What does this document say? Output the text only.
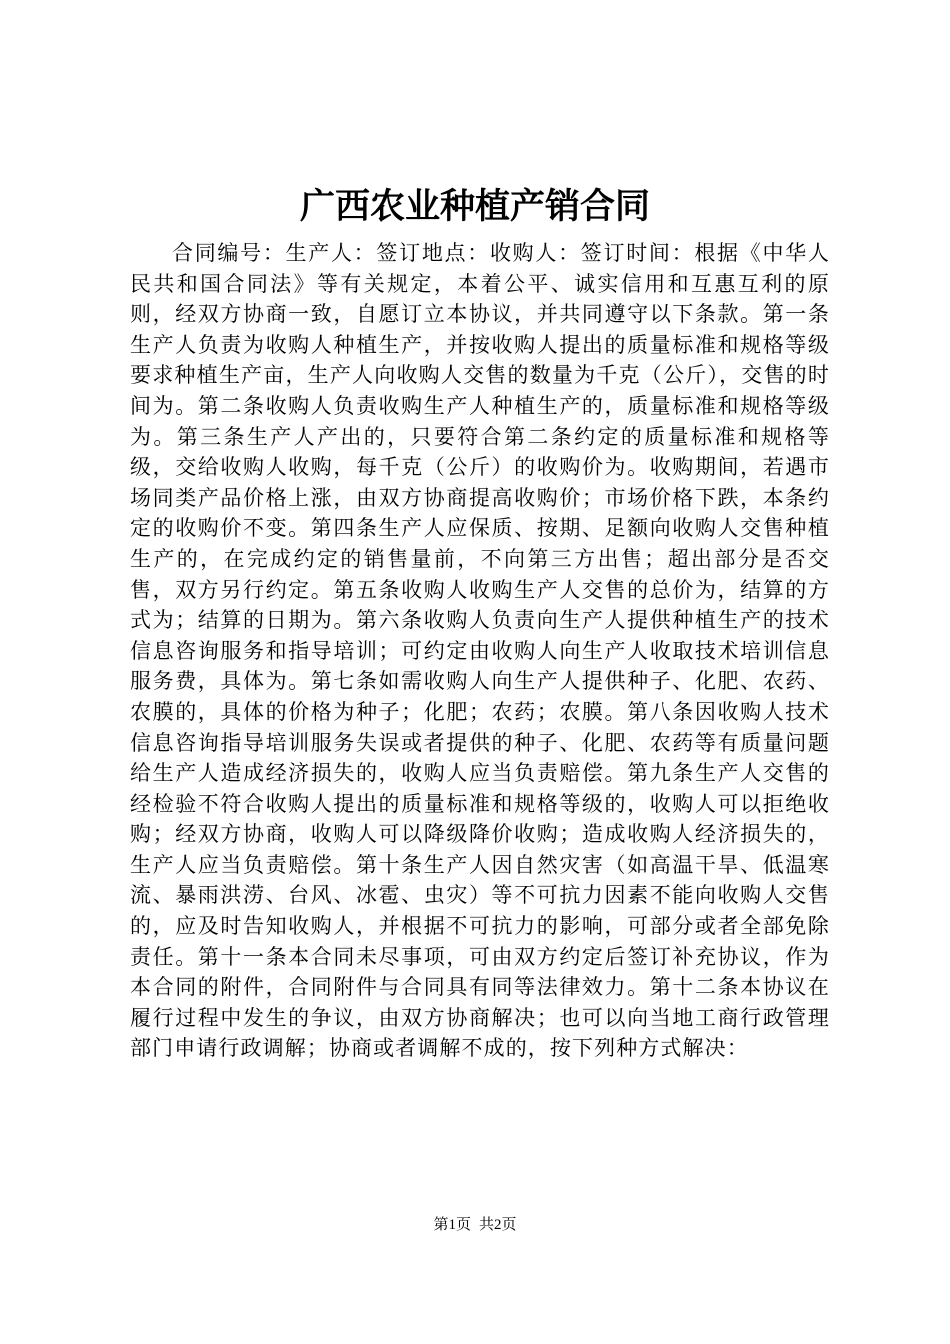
广西农业种植产销合同
合同编号：生产人：签订地点：收购人：签订时间：根据《中华人民共和国合同法》等有关规定，本着公平、诚实信用和互惠互利的原则，经双方协商一致，自愿订立本协议，并共同遵守以下条款。第一条生产人负责为收购人种植生产，并按收购人提出的质量标准和规格等级要求种植生产亩，生产人向收购人交售的数量为千克（公斤），交售的时间为。第二条收购人负责收购生产人种植生产的，质量标准和规格等级为。第三条生产人产出的，只要符合第二条约定的质量标准和规格等级，交给收购人收购，每千克（公斤）的收购价为。收购期间，若遇市场同类产品价格上涨，由双方协商提高收购价；市场价格下跌，本条约定的收购价不变。第四条生产人应保质、按期、足额向收购人交售种植生产的，在完成约定的销售量前，不向第三方出售；超出部分是否交售，双方另行约定。第五条收购人收购生产人交售的总价为，结算的方式为；结算的日期为。第六条收购人负责向生产人提供种植生产的技术信息咨询服务和指导培训；可约定由收购人向生产人收取技术培训信息服务费，具体为。第七条如需收购人向生产人提供种子、化肥、农药、农膜的，具体的价格为种子；化肥；农药；农膜。第八条因收购人技术信息咨询指导培训服务失误或者提供的种子、化肥、农药等有质量问题给生产人造成经济损失的，收购人应当负责赔偿。第九条生产人交售的经检验不符合收购人提出的质量标准和规格等级的，收购人可以拒绝收购；经双方协商，收购人可以降级降价收购；造成收购人经济损失的，生产人应当负责赔偿。第十条生产人因自然灾害（如高温干旱、低温寒流、暴雨洪涝、台风、冰雹、虫灾）等不可抗力因素不能向收购人交售的，应及时告知收购人，并根据不可抗力的影响，可部分或者全部免除责任。第十一条本合同未尽事项，可由双方约定后签订补充协议，作为本合同的附件，合同附件与合同具有同等法律效力。第十二条本协议在履行过程中发生的争议，由双方协商解决；也可以向当地工商行政管理部门申请行政调解；协商或者调解不成的，按下列种方式解决：
第1页 共2页
